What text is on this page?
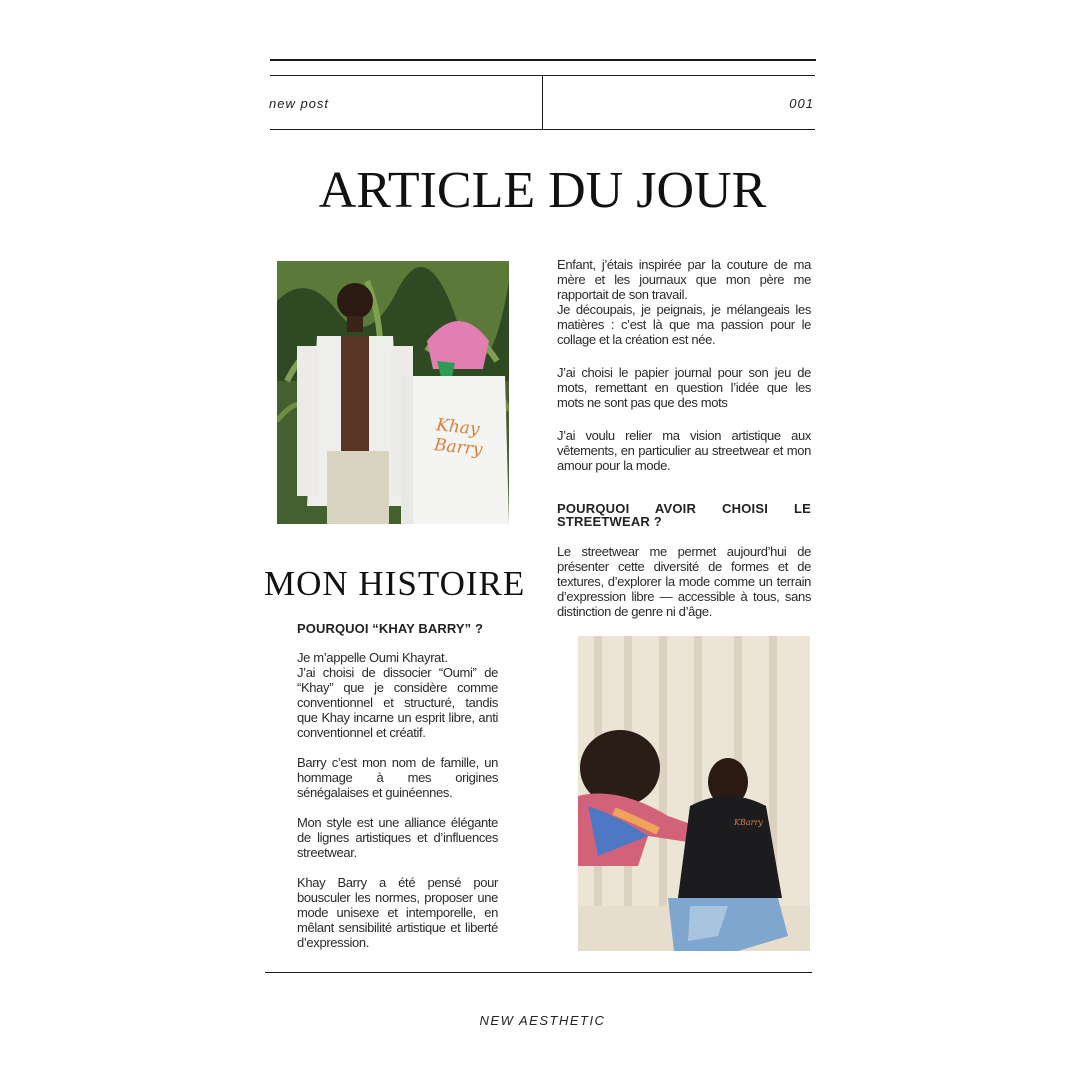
new post	001
ARTICLE DU JOUR
Khay Barry
MON HISTOIRE
POURQUOI “KHAY BARRY” ?

Je m’appelle Oumi Khayrat.
J’ai choisi de dissocier “Oumi” de “Khay” que je considère comme conventionnel et structuré, tandis que Khay incarne un esprit libre, anti conventionnel et créatif.

Barry c’est mon nom de famille, un hommage à mes origines sénégalaises et guinéennes.

Mon style est une alliance élégante de lignes artistiques et d’influences streetwear.

Khay Barry a été pensé pour bousculer les normes, proposer une mode unisexe et intemporelle, en mêlant sensibilité artistique et liberté d’expression.

Enfant, j’étais inspirée par la couture de ma mère et les journaux que mon père me rapportait de son travail.
Je découpais, je peignais, je mélangeais les matières : c’est là que ma passion pour le collage et la création est née.

J’ai choisi le papier journal pour son jeu de mots, remettant en question l’idée que les mots ne sont pas que des mots

J’ai voulu relier ma vision artistique aux vêtements, en particulier au streetwear et mon amour pour la mode.

POURQUOI AVOIR CHOISI LE STREETWEAR ?

Le streetwear me permet aujourd’hui de présenter cette diversité de formes et de textures, d’explorer la mode comme un terrain d’expression libre — accessible à tous, sans distinction de genre ni d’âge.

KBarry
NEW AESTHETIC
